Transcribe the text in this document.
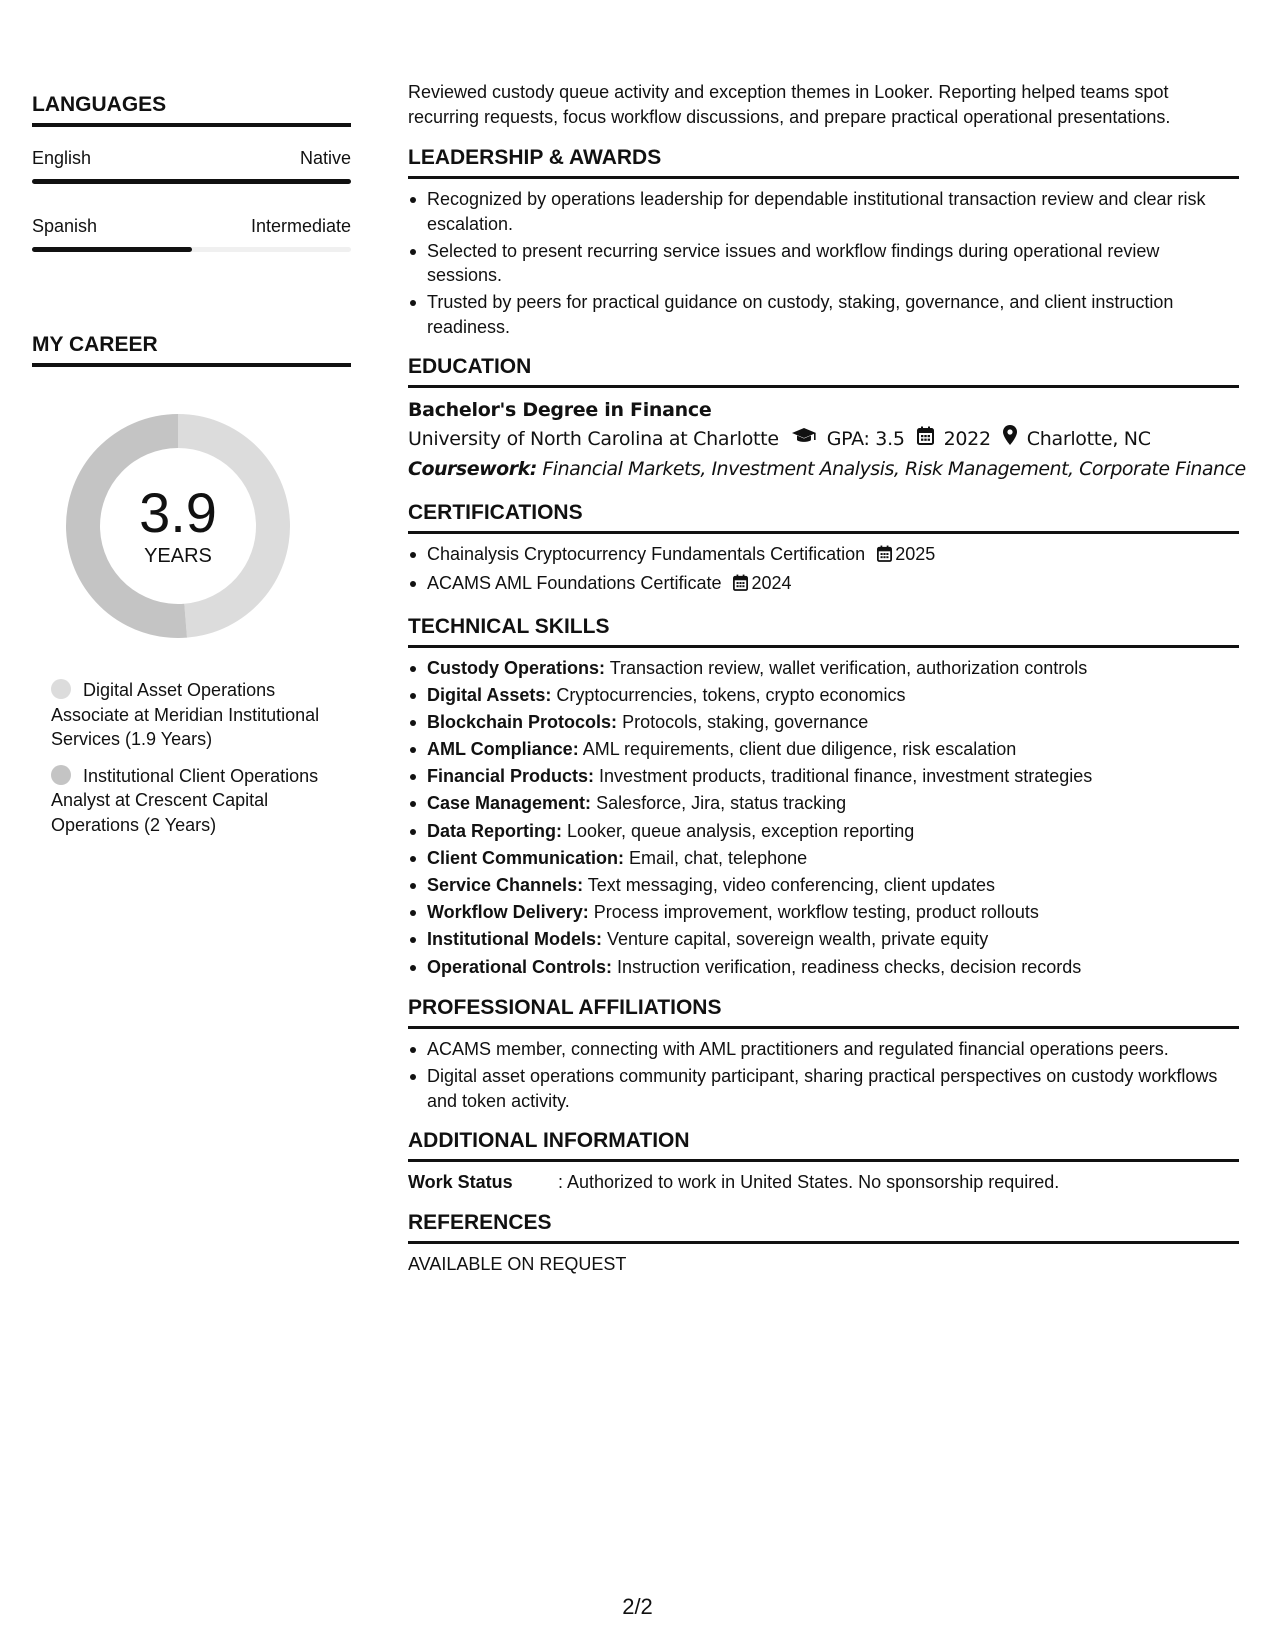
LANGUAGES
English	Native
Spanish	Intermediate
MY CAREER
3.9
YEARS
Digital Asset Operations Associate at Meridian Institutional Services (1.9 Years)
Institutional Client Operations Analyst at Crescent Capital Operations (2 Years)

Reviewed custody queue activity and exception themes in Looker. Reporting helped teams spot recurring requests, focus workflow discussions, and prepare practical operational presentations.

LEADERSHIP & AWARDS
Recognized by operations leadership for dependable institutional transaction review and clear risk escalation.
Selected to present recurring service issues and workflow findings during operational review sessions.
Trusted by peers for practical guidance on custody, staking, governance, and client instruction readiness.
EDUCATION
Bachelor's Degree in Finance
University of North Carolina at Charlotte	GPA: 3.5 2022 Charlotte, NC
Coursework: Financial Markets, Investment Analysis, Risk Management, Corporate Finance
CERTIFICATIONS
Chainalysis Cryptocurrency Fundamentals Certification 2025
ACAMS AML Foundations Certificate 2024
TECHNICAL SKILLS
Custody Operations: Transaction review, wallet verification, authorization controls
Digital Assets: Cryptocurrencies, tokens, crypto economics
Blockchain Protocols: Protocols, staking, governance
AML Compliance: AML requirements, client due diligence, risk escalation
Financial Products: Investment products, traditional finance, investment strategies
Case Management: Salesforce, Jira, status tracking
Data Reporting: Looker, queue analysis, exception reporting
Client Communication: Email, chat, telephone
Service Channels: Text messaging, video conferencing, client updates
Workflow Delivery: Process improvement, workflow testing, product rollouts
Institutional Models: Venture capital, sovereign wealth, private equity
Operational Controls: Instruction verification, readiness checks, decision records
PROFESSIONAL AFFILIATIONS
ACAMS member, connecting with AML practitioners and regulated financial operations peers.
Digital asset operations community participant, sharing practical perspectives on custody workflows and token activity.
ADDITIONAL INFORMATION
Work Status	: Authorized to work in United States. No sponsorship required.
REFERENCES
AVAILABLE ON REQUEST
2/2
